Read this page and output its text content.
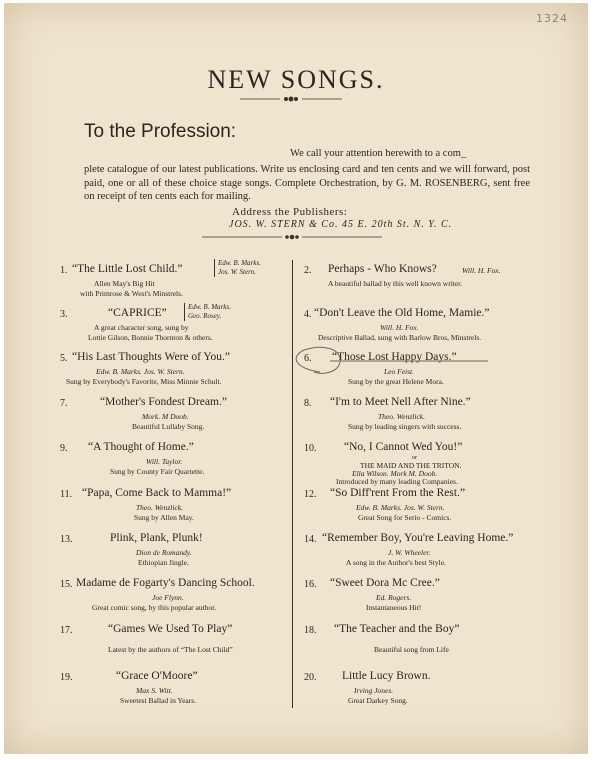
1324
NEW SONGS.
To the Profession:
We call your attention herewith to a com_
plete catalogue of our latest publications. Write us enclosing card and ten cents and we will forward, post paid, one or all of these choice stage songs. Complete Orchestration, by G. M. ROSENBERG, sent free on receipt of ten cents each for mailing.
Address the Publishers:
JOS. W. STERN & Co. 45 E. 20th St. N. Y. C.
1. “The Little Lost Child.”	Edw. B. Marks.
Jos. W. Stern.
Allen May's Big Hit
with Primrose & West's Minstrels.
3.	“CAPRICE”	Edw. B. Marks.
Geo. Rosey.
A great character song, sung by
Lottie Gilson, Bonnie Thornton & others.
5. “His Last Thoughts Were of You.”
Edw. B. Marks. Jos. W. Stern.
Sung by Everybody's Favorite, Miss Minnie Schult.
7.	“Mother's Fondest Dream.”
Mork. M Doob.
Beautiful Lullaby Song.
9. “A Thought of Home.”
Will. Taylor.
Sung by County Fair Quartette.
11. “Papa, Come Back to Mamma!”
Theo. Wenzlick.
Sung by Allen May.
13.	Plink, Plank, Plunk!
Dion de Romandy.
Ethiopian Jingle.
15. Madame de Fogarty's Dancing School.
Joe Flynn.
Great comic song, by this popular author.
17.	“Games We Used To Play”
Latest by the authors of “The Lost Child”
19.	“Grace O'Moore”
Max S. Witt.
Sweetest Ballad in Years.
2. Perhaps - Who Knows?	Will. H. Fox.
A beautiful ballad by this well known writer.
4. “Don't Leave the Old Home, Mamie.”
Will. H. Fox.
Descriptive Ballad, sung with Barlow Bros, Minstrels.
6. “Those Lost Happy Days.”
Leo Feist.
Sung by the great Helene Mora.
8. “I'm to Meet Nell After Nine.”
Theo. Wenzlick.
Sung by leading singers with success.
10. “No, I Cannot Wed You!”
or
THE MAID AND THE TRITON.
Ella Wilson. Mork M. Doob.
Introduced by many leading Companies.
12. “So Diff'rent From the Rest.”
Edw. B. Marks. Jos. W. Stern.
Great Song for Serio - Comics.
14. “Remember Boy, You're Leaving Home.”
J. W. Wheeler.
A song in the Author's best Style.
16. “Sweet Dora Mc Cree.”
Ed. Rogers.
Instantaneous Hit!
18. “The Teacher and the Boy”
Beautiful song from Life
20. Little Lucy Brown.
Irving Jones.
Great Darkey Song.
